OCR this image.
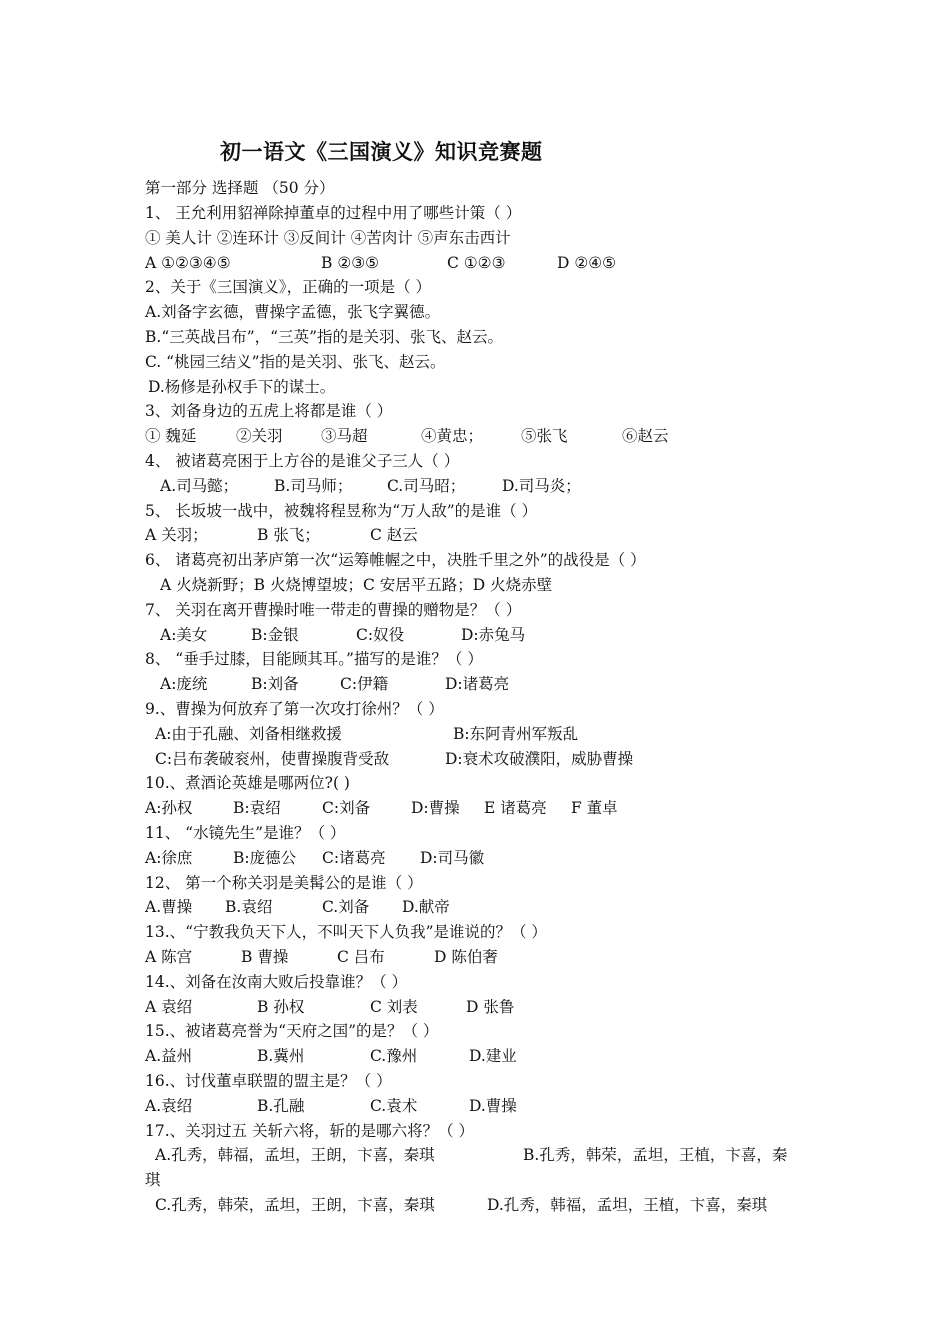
初一语文《三国演义》知识竞赛题
第一部分 选择题 （50 分）
1、 王允利用貂禅除掉董卓的过程中用了哪些计策（ ）
① 美人计 ②连环计 ③反间计 ④苦肉计 ⑤声东击西计
A ①②③④⑤	B ②③⑤	C ①②③	D ②④⑤
2、关于《三国演义》，正确的一项是（ ）
A.刘备字玄德，曹操字孟德，张飞字翼德。
B.“三英战吕布”，“三英”指的是关羽、张飞、赵云。
C. “桃园三结义”指的是关羽、张飞、赵云。
D.杨修是孙权手下的谋士。
3、刘备身边的五虎上将都是谁（ ）
① 魏延	②关羽 ③马超	④黄忠； ⑤张飞	⑥赵云
4、 被诸葛亮困于上方谷的是谁父子三人（ ）
A.司马懿； B.司马师； C.司马昭； D.司马炎；
5、 长坂坡一战中，被魏将程昱称为“万人敌”的是谁（ ）
A 关羽；	B 张飞；	C 赵云
6、 诸葛亮初出茅庐第一次“运筹帷幄之中，决胜千里之外”的战役是（ ）
A 火烧新野；B 火烧博望坡；C 安居平五路；D 火烧赤壁
7、 关羽在离开曹操时唯一带走的曹操的赠物是？（ ）
A:美女	B:金银	C:奴役	D:赤兔马
8、 “垂手过膝，目能顾其耳。”描写的是谁？（ ）
A:庞统	B:刘备	C:伊籍	D:诸葛亮
9.、曹操为何放弃了第一次攻打徐州？（ ）
A:由于孔融、刘备相继救援	B:东阿青州军叛乱
C:吕布袭破衮州，使曹操腹背受敌	D:衰术攻破濮阳，威胁曹操
10.、煮酒论英雄是哪两位?( )
A:孙权	B:袁绍	C:刘备	D:曹操 E 诸葛亮 F 董卓
11、 “水镜先生”是谁？（ ）
A:徐庶	B:庞德公 C:诸葛亮 D:司马徽
12、 第一个称关羽是美髯公的是谁（ ）
A.曹操 B.袁绍	C.刘备 D.献帝
13.、“宁教我负天下人，不叫天下人负我”是谁说的？（ ）
A 陈宫	B 曹操	C 吕布	D 陈伯奢
14.、刘备在汝南大败后投靠谁？（ ）
A 袁绍	B 孙权	C 刘表	D 张鲁
15.、被诸葛亮誉为“天府之国”的是？（ ）
A.益州	B.冀州	C.豫州	D.建业
16.、讨伐董卓联盟的盟主是？（ ）
A.袁绍	B.孔融	C.袁术	D.曹操
17.、关羽过五 关斩六将，斩的是哪六将？（ ）
A.孔秀，韩福，孟坦，王朗，卞喜，秦琪	B.孔秀，韩荣，孟坦，王植，卞喜，秦
琪
C.孔秀，韩荣，孟坦，王朗，卞喜，秦琪	D.孔秀，韩福，孟坦，王植，卞喜，秦琪
